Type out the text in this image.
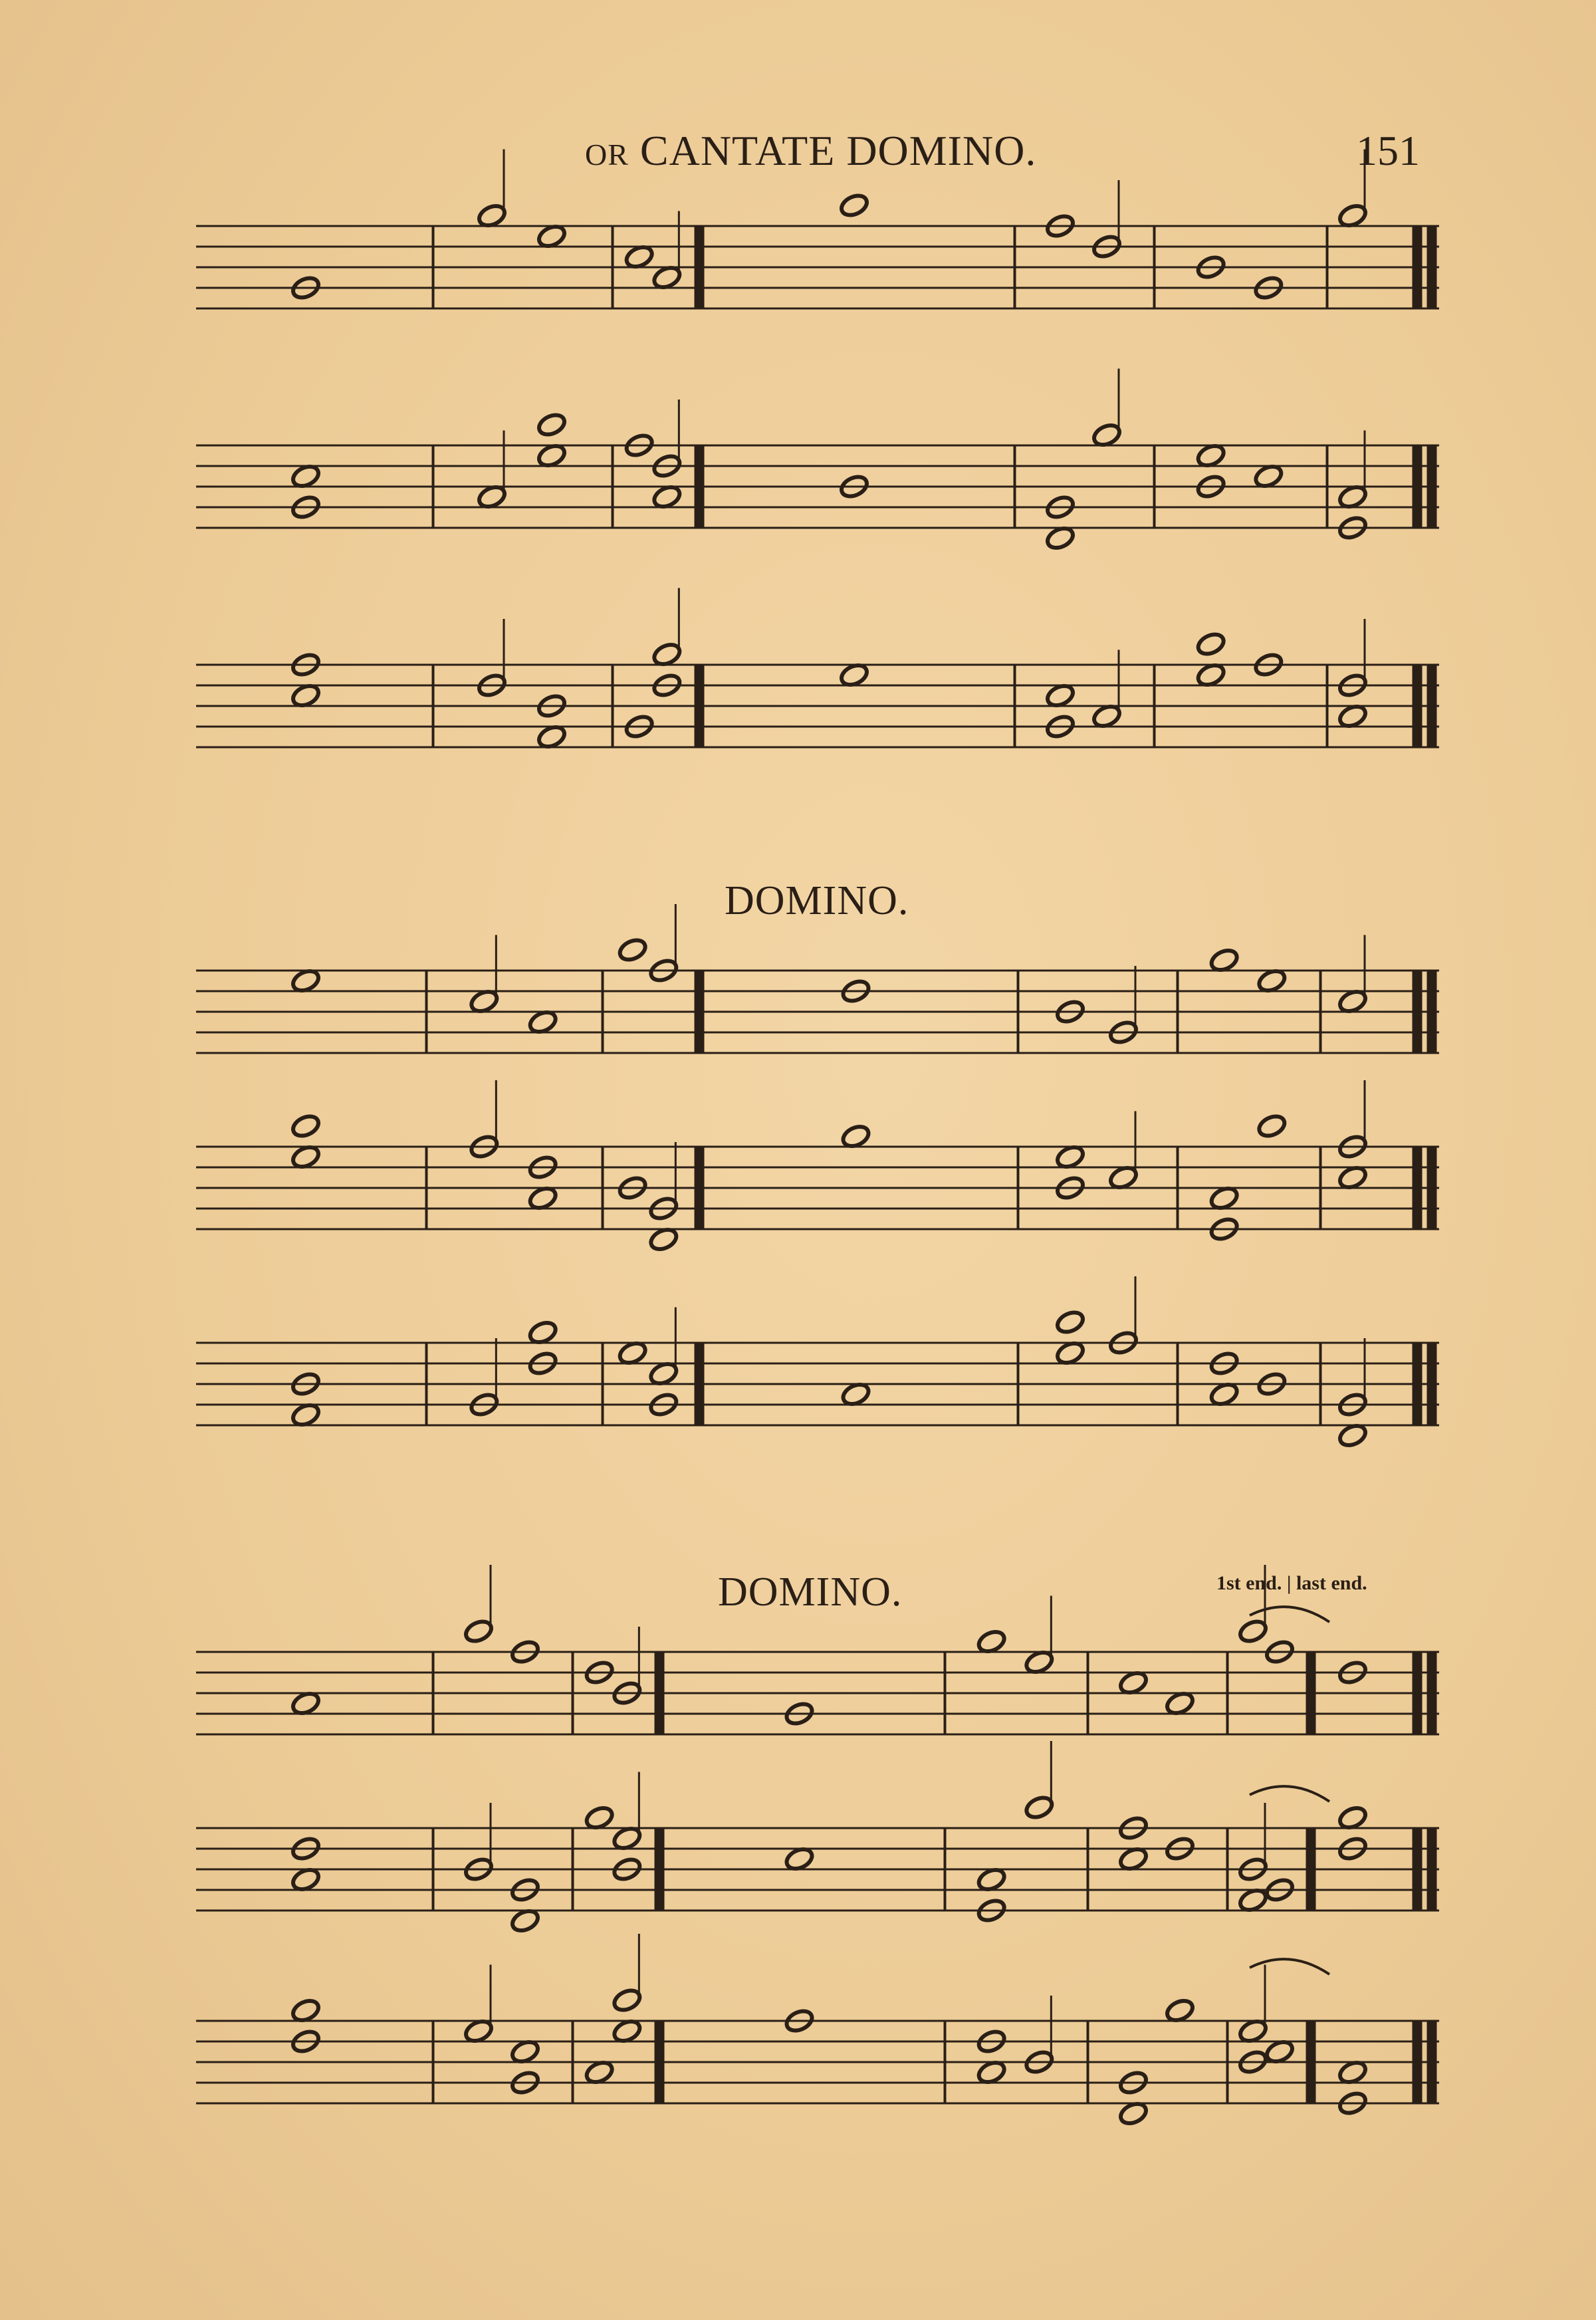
OR CANTATE DOMINO.	151
DOMINO.
DOMINO.	1st end. | last end.
